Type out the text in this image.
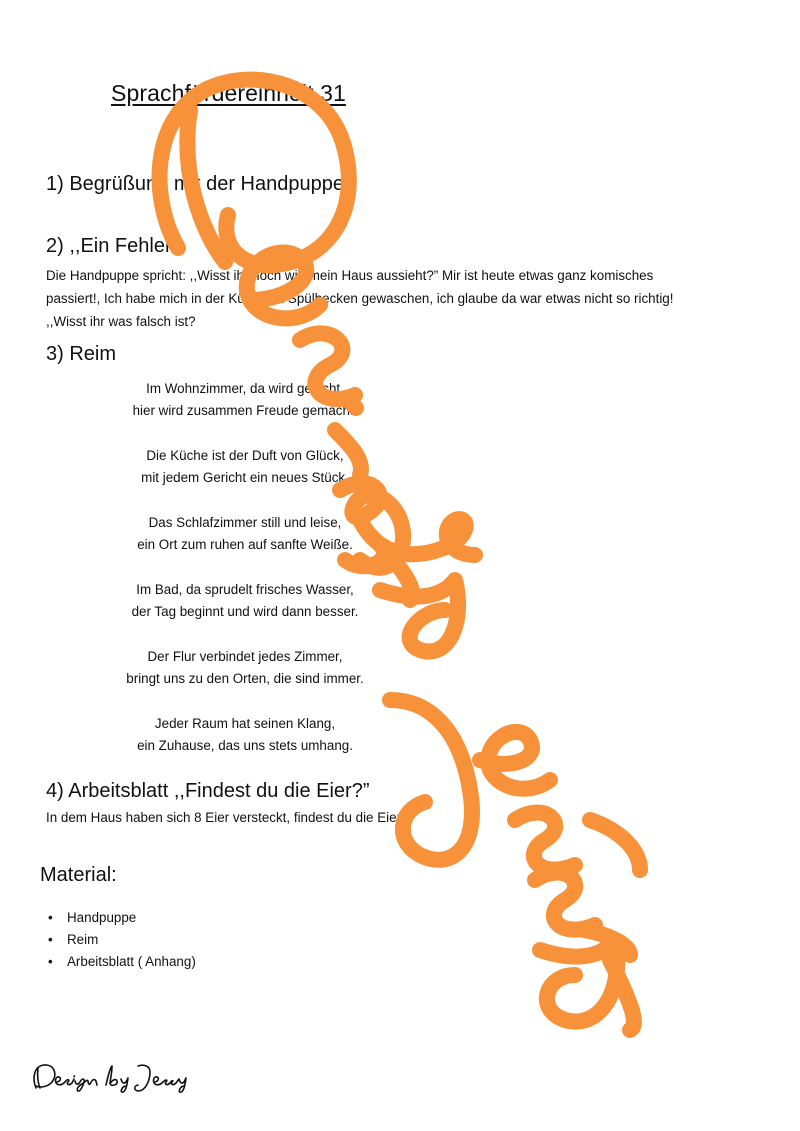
Sprachfördereinheit 31
1) Begrüßung mit der Handpuppe
2) ,,Ein Fehler”

Die Handpuppe spricht: ,,Wisst ihr noch wie mein Haus aussieht?” Mir ist heute etwas ganz komisches

passiert!, Ich habe mich in der Küche im Spülbecken gewaschen, ich glaube da war etwas nicht so richtig!

,,Wisst ihr was falsch ist?

3) Reim

Im Wohnzimmer, da wird gelacht,

hier wird zusammen Freude gemacht.

Die Küche ist der Duft von Glück,

mit jedem Gericht ein neues Stück.

Das Schlafzimmer still und leise,

ein Ort zum ruhen auf sanfte Weiße.

Im Bad, da sprudelt frisches Wasser,

der Tag beginnt und wird dann besser.

Der Flur verbindet jedes Zimmer,

bringt uns zu den Orten, die sind immer.

Jeder Raum hat seinen Klang,

ein Zuhause, das uns stets umhang.

4) Arbeitsblatt ,,Findest du die Eier?”
In dem Haus haben sich 8 Eier versteckt, findest du die Eier?
Material:
• Handpuppe
• Reim
• Arbeitsblatt ( Anhang)
